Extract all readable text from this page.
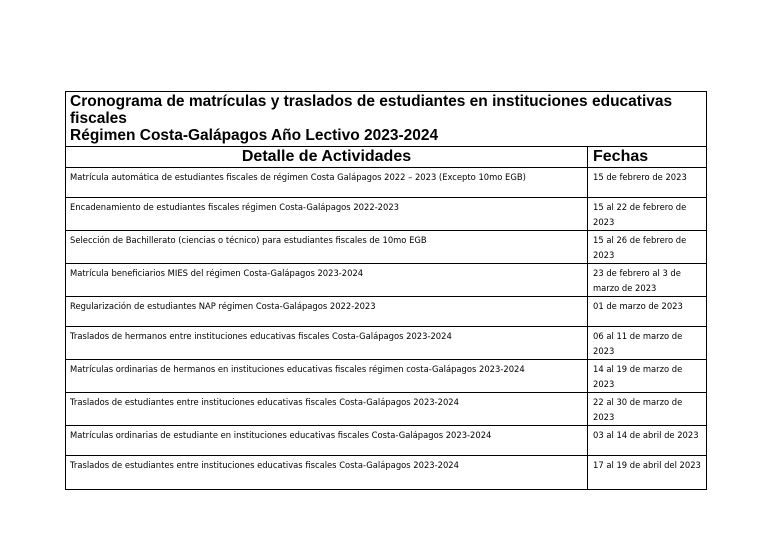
Cronograma de matrículas y traslados de estudiantes en instituciones educativas fiscales
Régimen Costa-Galápagos Año Lectivo 2023-2024	

Detalle de Actividades	Fechas
Matrícula automática de estudiantes fiscales de régimen Costa Galápagos 2022 – 2023 (Excepto 10mo EGB)	15 de febrero de 2023
Encadenamiento de estudiantes fiscales régimen Costa-Galápagos 2022-2023	15 al 22 de febrero de 2023
Selección de Bachillerato (ciencias o técnico) para estudiantes fiscales de 10mo EGB	15 al 26 de febrero de 2023
Matrícula beneficiarios MIES del régimen Costa-Galápagos 2023-2024	23 de febrero al 3 de marzo de 2023
Regularización de estudiantes NAP régimen Costa-Galápagos 2022-2023	01 de marzo de 2023
Traslados de hermanos entre instituciones educativas fiscales Costa-Galápagos 2023-2024	06 al 11 de marzo de 2023
Matrículas ordinarias de hermanos en instituciones educativas fiscales régimen costa-Galápagos 2023-2024	14 al 19 de marzo de 2023
Traslados de estudiantes entre instituciones educativas fiscales Costa-Galápagos 2023-2024	22 al 30 de marzo de 2023
Matrículas ordinarias de estudiante en instituciones educativas fiscales Costa-Galápagos 2023-2024	03 al 14 de abril de 2023
Traslados de estudiantes entre instituciones educativas fiscales Costa-Galápagos 2023-2024	17 al 19 de abril del 2023
